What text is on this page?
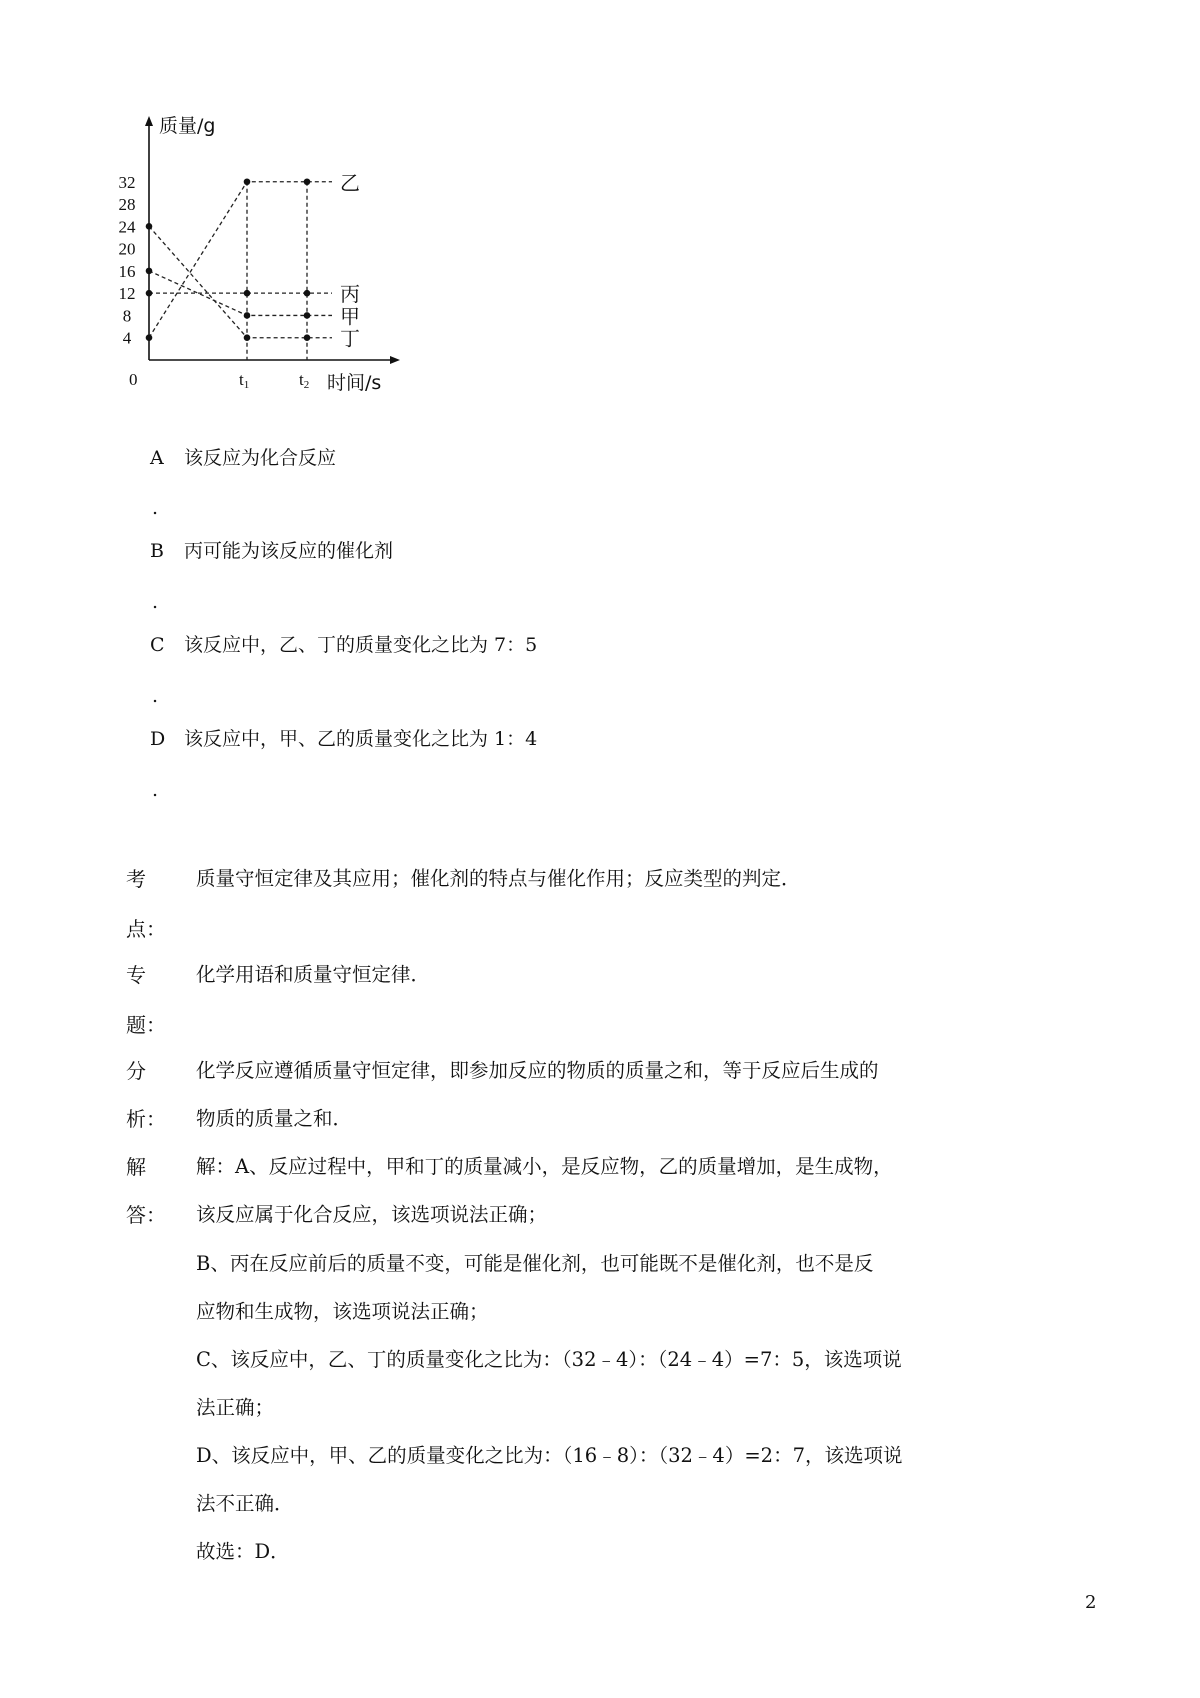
4
8
12
16
20
24
28
32
质量/g
时间/s
0	t1	t2
乙
丙
甲
丁
A 该反应为化合反应
.
B 丙可能为该反应的催化剂
.
C 该反应中，乙、丁的质量变化之比为 7：5
.
D 该反应中，甲、乙的质量变化之比为 1：4
.
考
点：
质量守恒定律及其应用；催化剂的特点与催化作用；反应类型的判定．
专
题：
化学用语和质量守恒定律．
分
析：
化学反应遵循质量守恒定律，即参加反应的物质的质量之和，等于反应后生成的
物质的质量之和．
解
答：
解：A、反应过程中，甲和丁的质量减小，是反应物，乙的质量增加，是生成物，
该反应属于化合反应，该选项说法正确；
B、丙在反应前后的质量不变，可能是催化剂，也可能既不是催化剂，也不是反
应物和生成物，该选项说法正确；
C、该反应中，乙、丁的质量变化之比为：（32﹣4）：（24﹣4）=7：5，该选项说
法正确；
D、该反应中，甲、乙的质量变化之比为：（16﹣8）：（32﹣4）=2：7，该选项说
法不正确．
故选：D．
2
